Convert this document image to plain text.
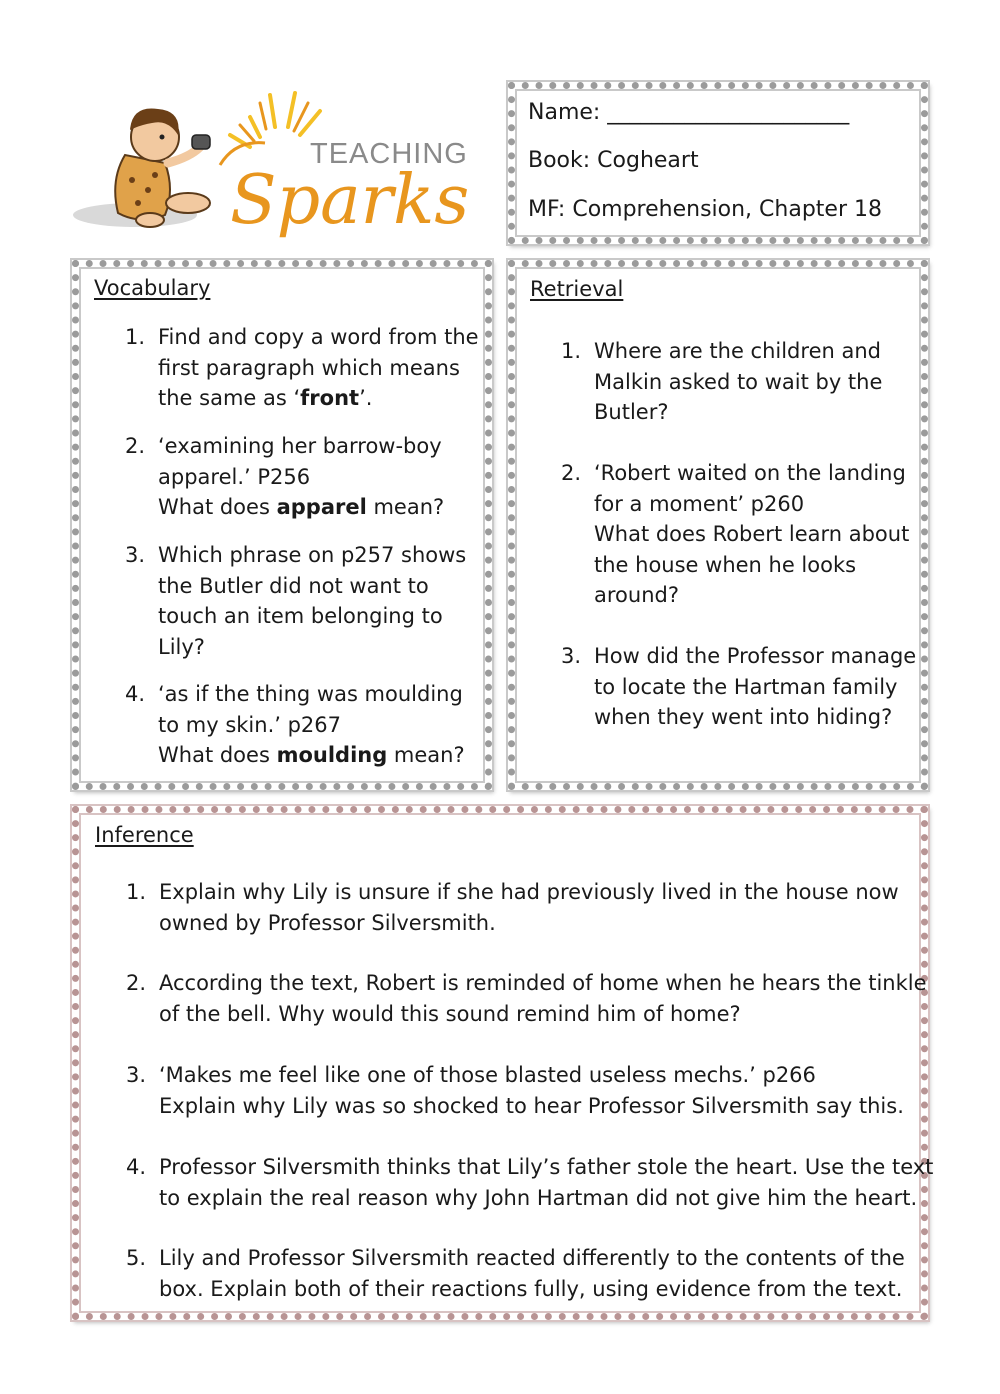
TEACHING
Sparks
Name: ______________________
Book: Cogheart
MF: Comprehension, Chapter 18
Vocabulary
1. Find and copy a word from the
first paragraph which means
the same as ‘front’.
2. ‘examining her barrow-boy
apparel.’ P256
What does apparel mean?
3. Which phrase on p257 shows
the Butler did not want to
touch an item belonging to
Lily?
4. ‘as if the thing was moulding
to my skin.’ p267
What does moulding mean?
Retrieval
1. Where are the children and
Malkin asked to wait by the
Butler?
2. ‘Robert waited on the landing
for a moment’ p260
What does Robert learn about
the house when he looks
around?
3. How did the Professor manage
to locate the Hartman family
when they went into hiding?
Inference
1. Explain why Lily is unsure if she had previously lived in the house now
owned by Professor Silversmith.
2. According the text, Robert is reminded of home when he hears the tinkle
of the bell. Why would this sound remind him of home?
3. ‘Makes me feel like one of those blasted useless mechs.’ p266
Explain why Lily was so shocked to hear Professor Silversmith say this.
4. Professor Silversmith thinks that Lily’s father stole the heart. Use the text
to explain the real reason why John Hartman did not give him the heart.
5. Lily and Professor Silversmith reacted differently to the contents of the
box. Explain both of their reactions fully, using evidence from the text.
